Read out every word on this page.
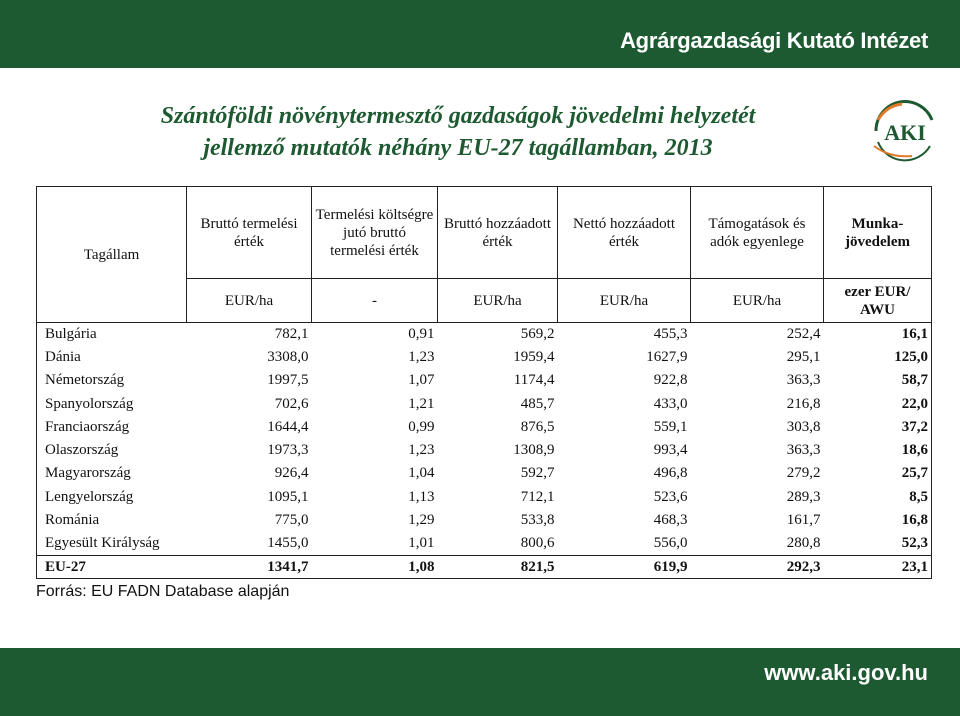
Agrárgazdasági Kutató Intézet
Szántóföldi növénytermesztő gazdaságok jövedelmi helyzetét
jellemző mutatók néhány EU-27 tagállamban, 2013
AKI
Tagállam	Bruttó termelési érték	Termelési költségre jutó bruttó termelési érték	Bruttó hozzáadott érték	Nettó hozzáadott érték	Támogatások és adók egyenlege	Munka-jövedelem
	EUR/ha	-	EUR/ha	EUR/ha	EUR/ha	ezer EUR/ AWU
Bulgária	782,1	0,91	569,2	455,3	252,4	16,1
Dánia	3308,0	1,23	1959,4	1627,9	295,1	125,0
Németország	1997,5	1,07	1174,4	922,8	363,3	58,7
Spanyolország	702,6	1,21	485,7	433,0	216,8	22,0
Franciaország	1644,4	0,99	876,5	559,1	303,8	37,2
Olaszország	1973,3	1,23	1308,9	993,4	363,3	18,6
Magyarország	926,4	1,04	592,7	496,8	279,2	25,7
Lengyelország	1095,1	1,13	712,1	523,6	289,3	8,5
Románia	775,0	1,29	533,8	468,3	161,7	16,8
Egyesült Királyság	1455,0	1,01	800,6	556,0	280,8	52,3
EU-27	1341,7	1,08	821,5	619,9	292,3	23,1
Forrás: EU FADN Database alapján
www.aki.gov.hu
